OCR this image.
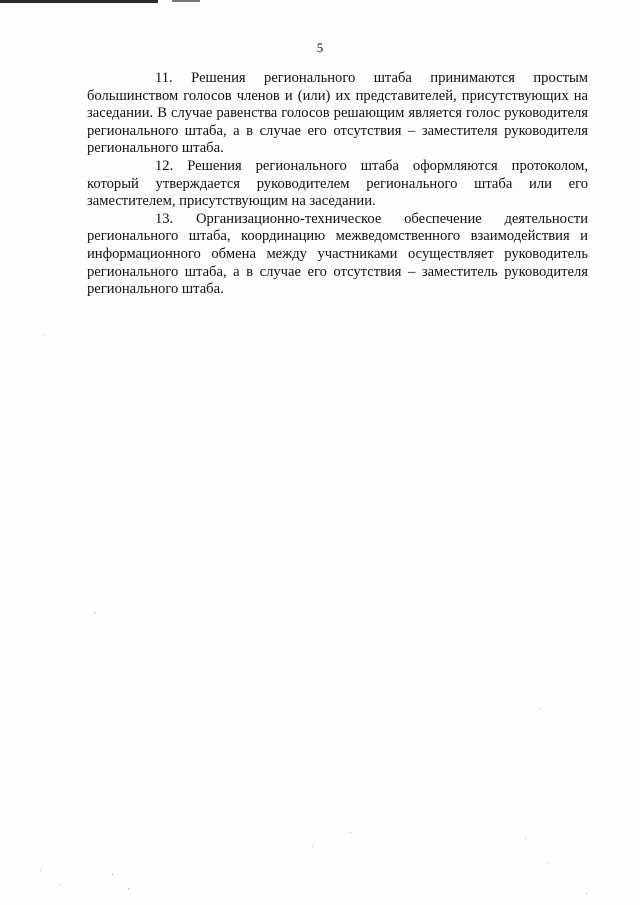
5

11. Решения регионального штаба принимаются простым большинством голосов членов и (или) их представителей, присутствующих на заседании. В случае равенства голосов решающим является голос руководителя регионального штаба, а в случае его отсутствия – заместителя руководителя регионального штаба.

12. Решения регионального штаба оформляются протоколом, который утверждается руководителем регионального штаба или его заместителем, присутствующим на заседании.

13. Организационно-техническое обеспечение деятельности регионального штаба, координацию межведомственного взаимодействия и информационного обмена между участниками осуществляет руководитель регионального штаба, а в случае его отсутствия – заместитель руководителя регионального штаба.
